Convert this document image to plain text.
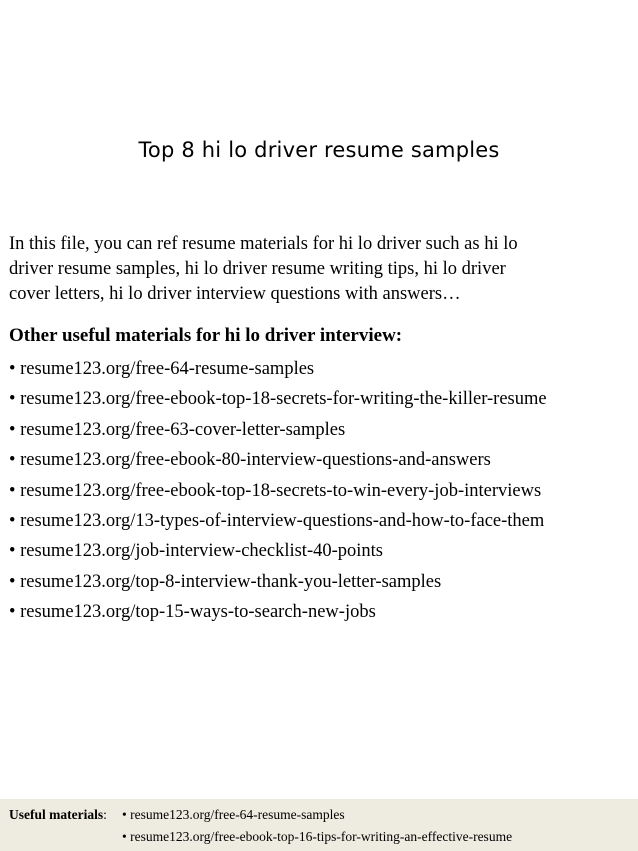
Top 8 hi lo driver resume samples
In this file, you can ref resume materials for hi lo driver such as hi lo
driver resume samples, hi lo driver resume writing tips, hi lo driver
cover letters, hi lo driver interview questions with answers…
Other useful materials for hi lo driver interview:
• resume123.org/free-64-resume-samples
• resume123.org/free-ebook-top-18-secrets-for-writing-the-killer-resume
• resume123.org/free-63-cover-letter-samples
• resume123.org/free-ebook-80-interview-questions-and-answers
• resume123.org/free-ebook-top-18-secrets-to-win-every-job-interviews
• resume123.org/13-types-of-interview-questions-and-how-to-face-them
• resume123.org/job-interview-checklist-40-points
• resume123.org/top-8-interview-thank-you-letter-samples
• resume123.org/top-15-ways-to-search-new-jobs
Useful materials: • resume123.org/free-64-resume-samples
• resume123.org/free-ebook-top-16-tips-for-writing-an-effective-resume
